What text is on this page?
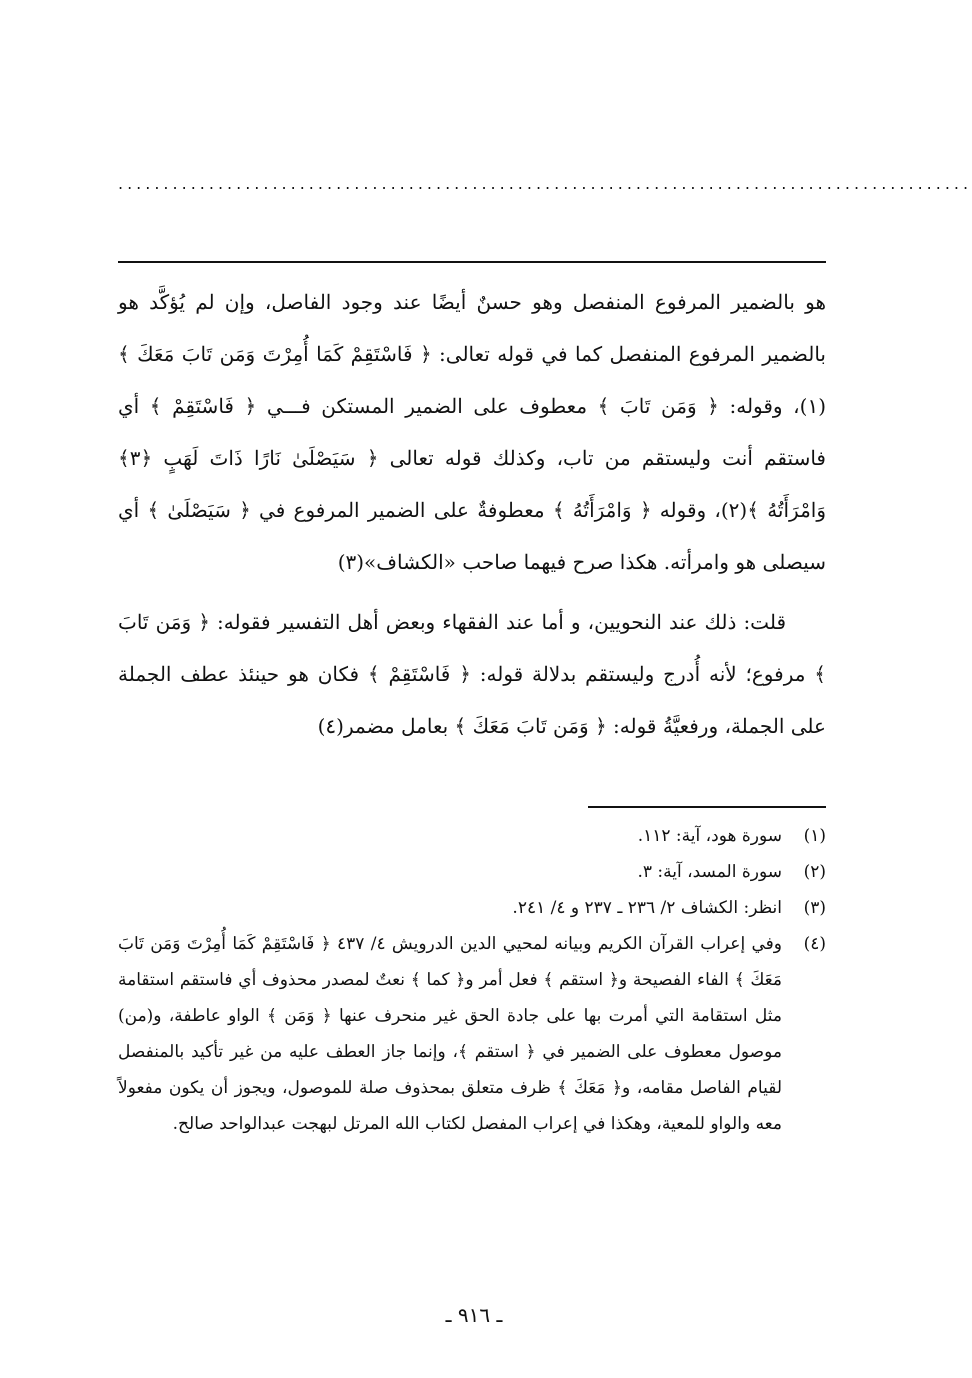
..............................................................................................

هو بالضمير المرفوع المنفصل وهو حسنٌ أيضًا عند وجود الفاصل، وإن لم يُؤكَّد هو بالضمير المرفوع المنفصل كما في قوله تعالى: ﴿ فَاسْتَقِمْ كَمَا أُمِرْتَ وَمَن تَابَ مَعَكَ ﴾(١)، وقوله: ﴿ وَمَن تَابَ ﴾ معطوف على الضمير المستكن فـــي ﴿ فَاسْتَقِمْ ﴾ أي فاستقم أنت وليستقم من تاب، وكذلك قوله تعالى ﴿ سَيَصْلَىٰ نَارًا ذَاتَ لَهَبٍ ﴿٣﴾ وَامْرَأَتُهُ ﴾(٢)، وقوله ﴿ وَامْرَأَتُهُ ﴾ معطوفةٌ على الضمير المرفوع في ﴿ سَيَصْلَىٰ ﴾ أي سيصلى هو وامرأته. هكذا صرح فيهما صاحب «الكشاف»(٣)

قلت: ذلك عند النحويين، و أما عند الفقهاء وبعض أهل التفسير فقوله: ﴿ وَمَن تَابَ ﴾ مرفوع؛ لأنه أُدرج وليستقم بدلالة قوله: ﴿ فَاسْتَقِمْ ﴾ فكان هو حينئذ عطف الجملة على الجملة، ورفعيَّةُ قوله: ﴿ وَمَن تَابَ مَعَكَ ﴾ بعامل مضمر(٤)

(١)
سورة هود، آية: ١١٢.
(٢)
سورة المسد، آية: ٣.
(٣)
انظر: الكشاف ٢/ ٢٣٦ ـ ٢٣٧ و ٤/ ٢٤١.
(٤)
وفي إعراب القرآن الكريم وبيانه لمحيي الدين الدرويش ٤/ ٤٣٧ ﴿ فَاسْتَقِمْ كَمَا أُمِرْتَ وَمَن تَابَ مَعَكَ ﴾ الفاء الفصيحة و﴿ استقم ﴾ فعل أمر و﴿ كما ﴾ نعتٌ لمصدر محذوف أي فاستقم استقامة مثل استقامة التي أمرت بها على جادة الحق غير منحرف عنها ﴿ وَمَن ﴾ الواو عاطفة، و(من) موصول معطوف على الضمير في ﴿ استقم ﴾، وإنما جاز العطف عليه من غير تأكيد بالمنفصل لقيام الفاصل مقامه، و﴿ مَعَكَ ﴾ ظرف متعلق بمحذوف صلة للموصول، ويجوز أن يكون مفعولاً معه والواو للمعية، وهكذا في إعراب المفصل لكتاب الله المرتل لبهجت عبدالواحد صالح.
ـ ٩١٦ ـ
